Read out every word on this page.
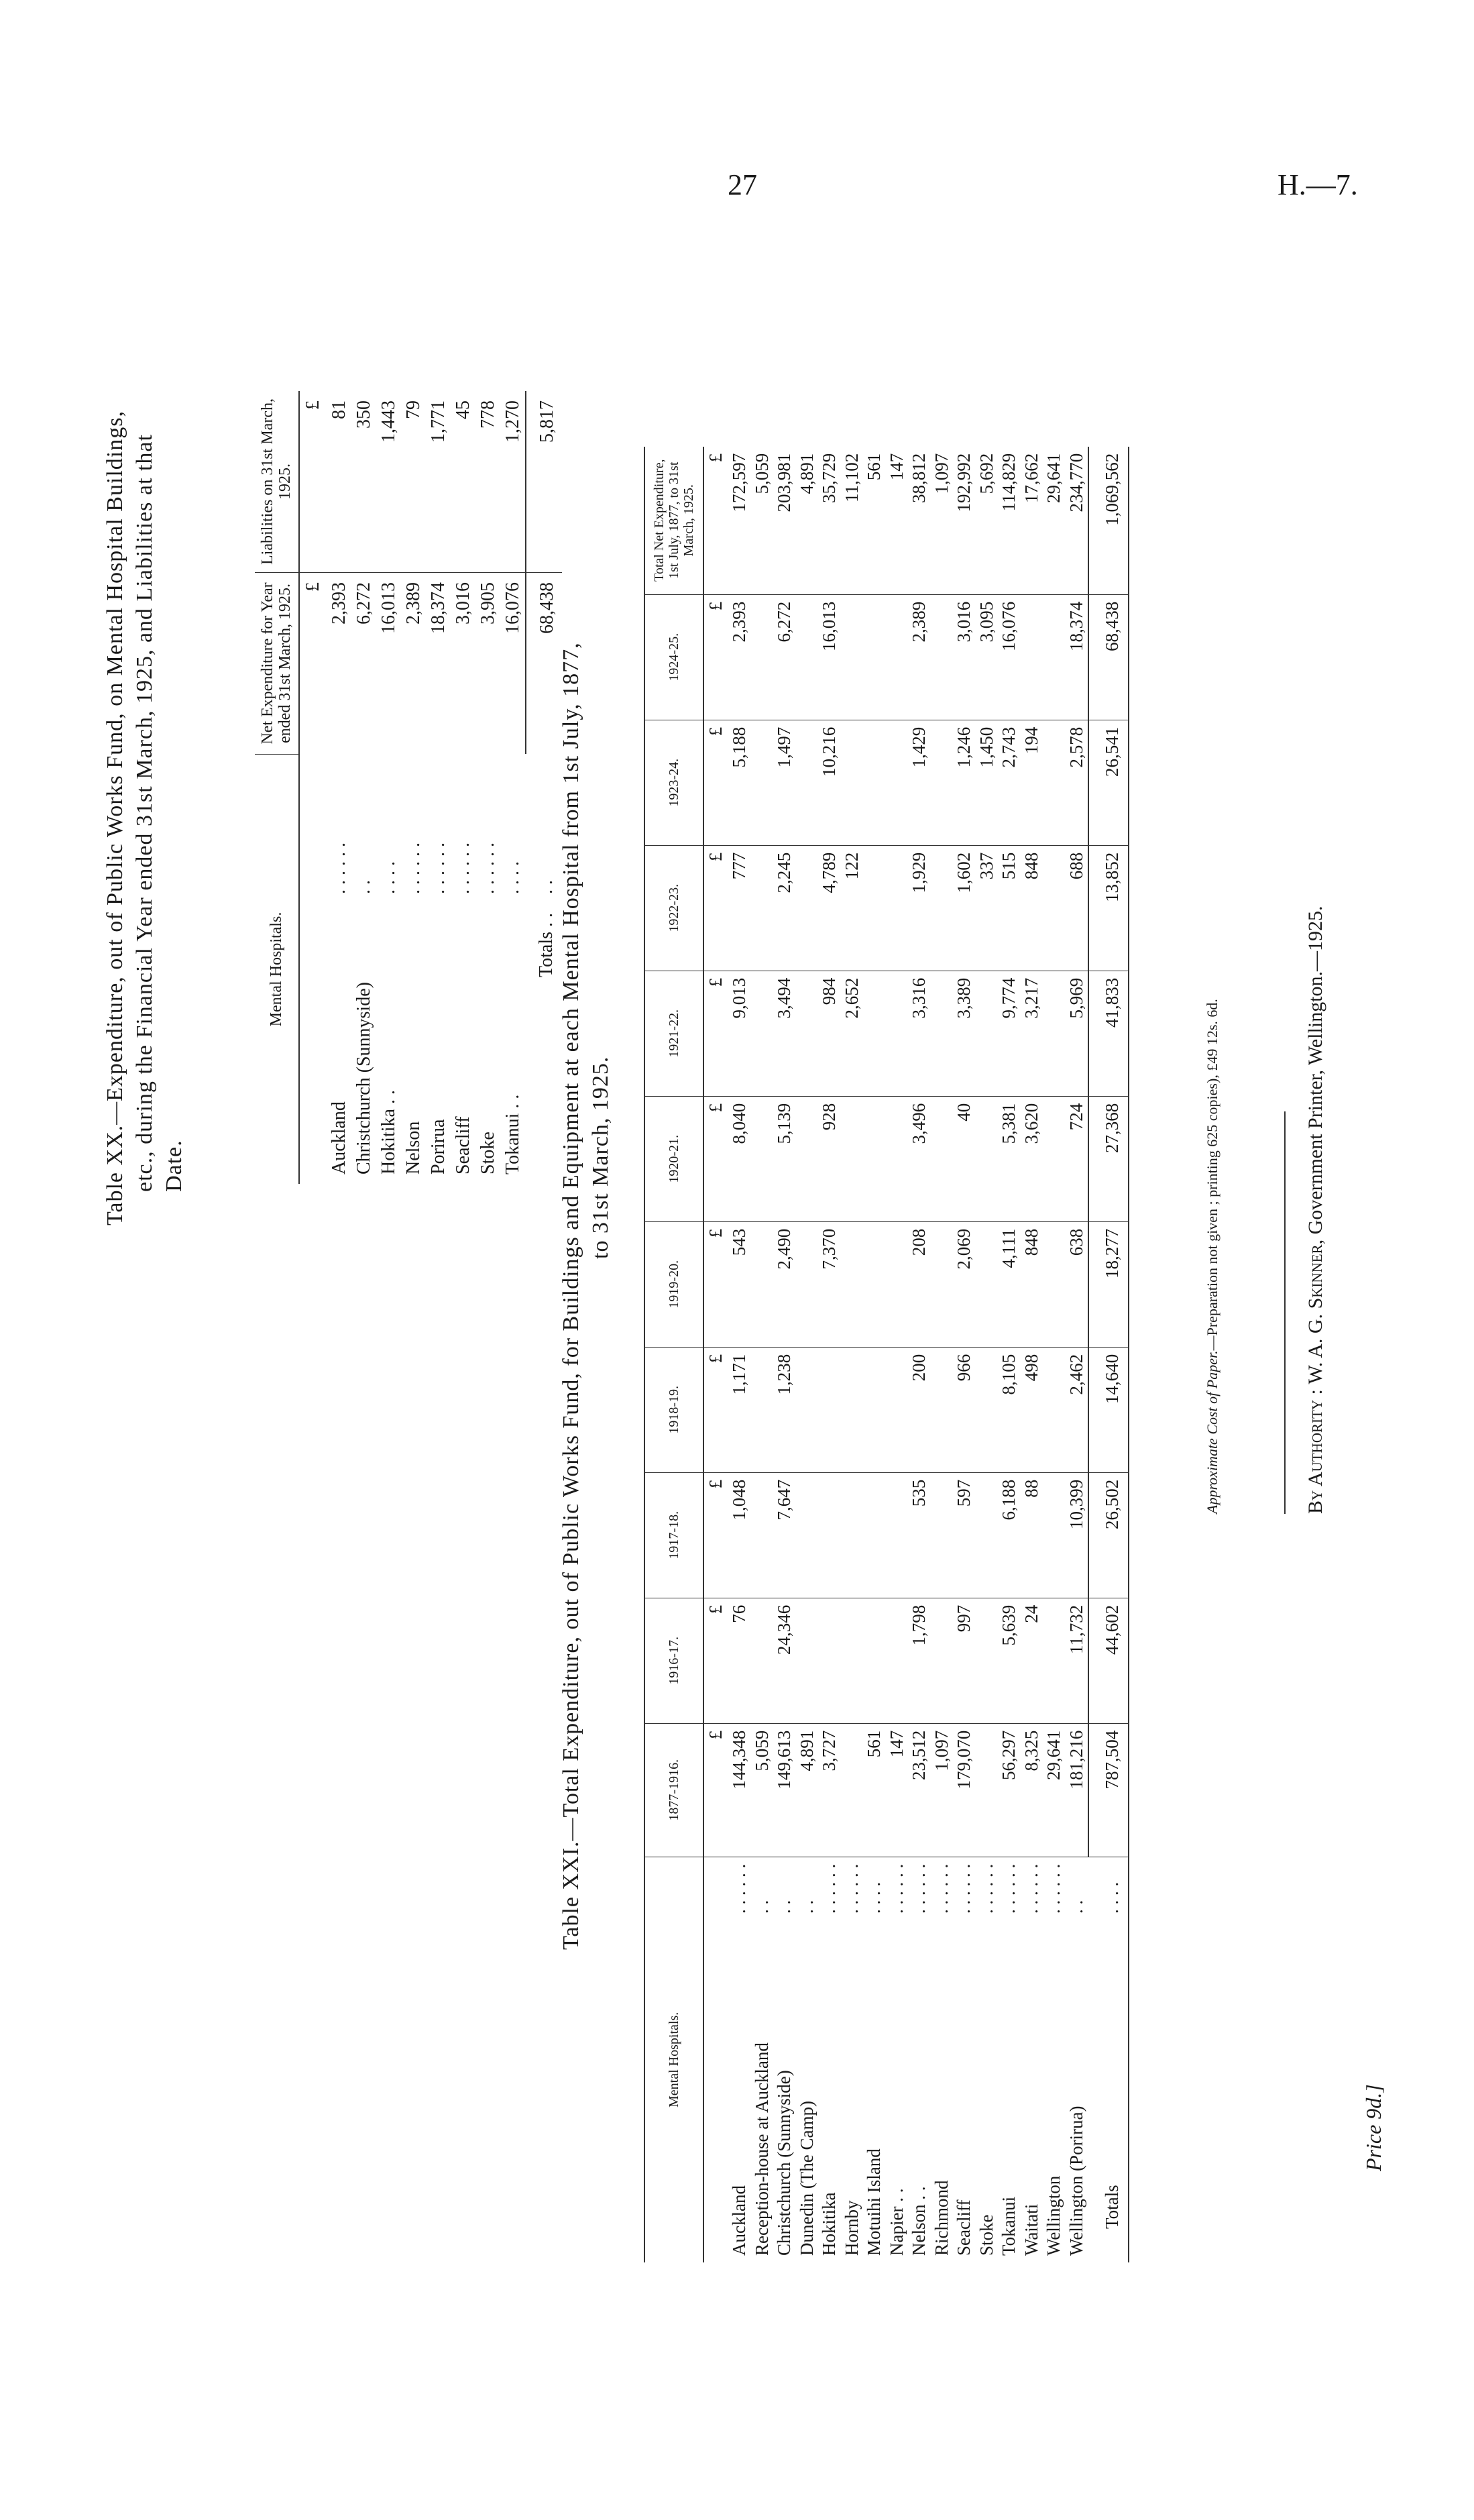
27	H.—7.
Table XX.—Expenditure, out of Public Works Fund, on Mental Hospital Buildings, etc., during the Financial Year ended 31st March, 1925, and Liabilities at that Date.
Mental Hospitals.		Net Expenditure for Year ended 31st March, 1925.	Liabilities on 31st March, 1925.
		£	£
Auckland	. . . . . .	2,393	81
Christchurch (Sunnyside)	. .	6,272	350
Hokitika . .	. . . .	16,013	1,443
Nelson	. . . . . .	2,389	79
Porirua	. . . . . .	18,374	1,771
Seacliff	. . . . . .	3,016	45
Stoke	. . . . . .	3,905	778
Tokanui . .	. . . .	16,076	1,270
Totals . .	. .	68,438	5,817
Table XXI.—Total Expenditure, out of Public Works Fund, for Buildings and Equipment at each Mental Hospital from 1st July, 1877, to 31st March, 1925.
Mental Hospitals.		1877-1916.	1916-17.	1917-18.	1918-19.	1919-20.	1920-21.	1921-22.	1922-23.	1923-24.	1924-25.	Total Net Expenditure, 1st July, 1877, to 31st March, 1925.
		£	£	£	£	£	£	£	£	£	£	£
Auckland	. . . . . .	144,348	76	1,048	1,171	543	8,040	9,013	777	5,188	2,393	172,597
Reception-house at Auckland	. .	5,059										5,059
Christchurch (Sunnyside)	. .	149,613	24,346	7,647	1,238	2,490	5,139	3,494	2,245	1,497	6,272	203,981
Dunedin (The Camp)	. .	4,891										4,891
Hokitika	. . . . . .	3,727				7,370	928	984	4,789	10,216	16,013	35,729
Hornby	. . . . . .							2,652	122			11,102
Motuihi Island	. . . .	561										561
Napier . .	. . . . . .	147										147
Nelson . .	. . . . . .	23,512	1,798	535	200	208	3,496	3,316	1,929	1,429	2,389	38,812
Richmond	. . . . . .	1,097										1,097
Seacliff	. . . . . .	179,070	997	597	966	2,069	40	3,389	1,602	1,246	3,016	192,992
Stoke	. . . . . .								337	1,450	3,095	5,692
Tokanui	. . . . . .	56,297	5,639	6,188	8,105	4,111	5,381	9,774	515	2,743	16,076	114,829
Waitati	. . . . . .	8,325	24	88	498	848	3,620	3,217	848	194		17,662
Wellington	. . . . . .	29,641										29,641
Wellington (Porirua)	. .	181,216	11,732	10,399	2,462	638	724	5,969	688	2,578	18,374	234,770
Totals	. . . .	787,504	44,602	26,502	14,640	18,277	27,368	41,833	13,852	26,541	68,438	1,069,562
Approximate Cost of Paper.—Preparation not given ; printing 625 copies), £49 12s. 6d.
By Authority : W. A. G. Skinner, Government Printer, Wellington.—1925.
Price 9d.]
